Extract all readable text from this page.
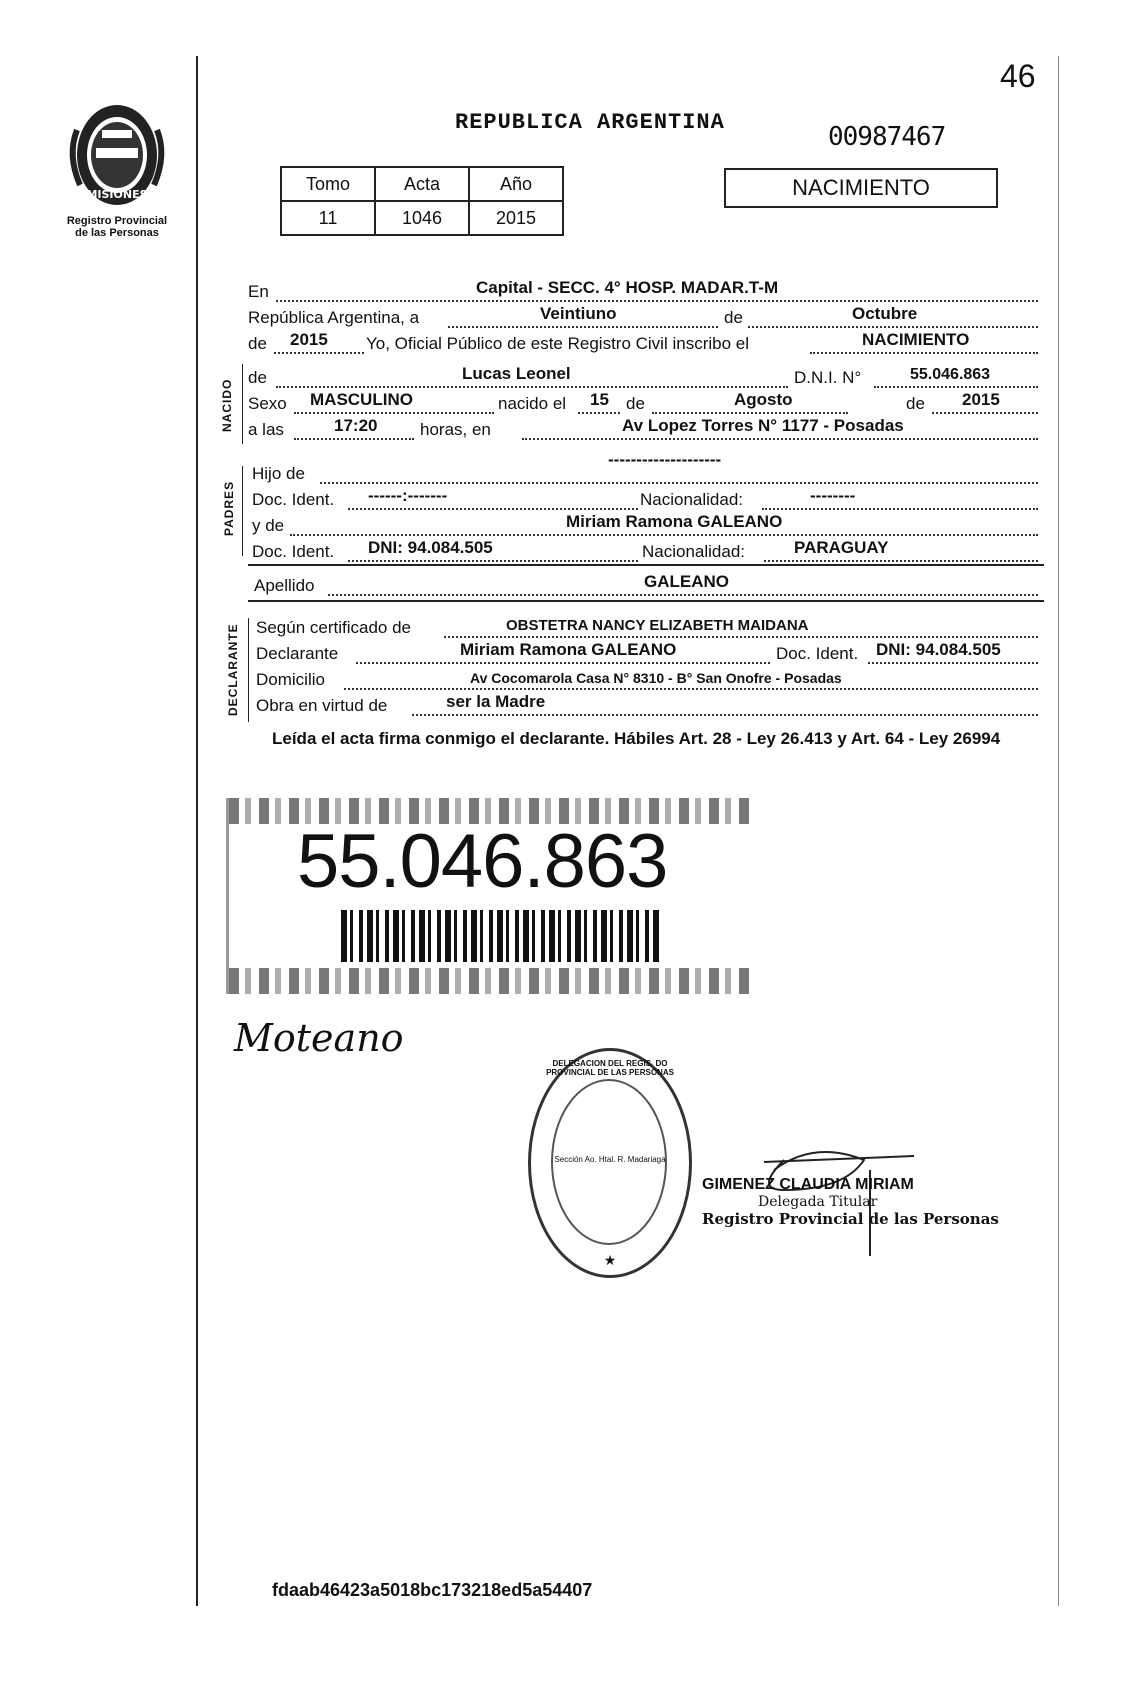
46
MISIONES
Registro Provincial
de las Personas
REPUBLICA ARGENTINA	00987467
Tomo	Acta	Año
11	1046	2015
NACIMIENTO
En	Capital - SECC. 4° HOSP. MADAR.T-M
República Argentina, a	Veintiuno	de	Octubre
de 2015 Yo, Oficial Público de este Registro Civil inscribo el	NACIMIENTO
NACIDO
de	Lucas Leonel	D.N.I. N°	55.046.863
Sexo MASCULINO	nacido el 15 de	Agosto	de 2015
a las	17:20	horas, en	Av Lopez Torres N° 1177 - Posadas
PADRES
Hijo de
--------------------
Doc. Ident. ------:-------	Nacionalidad:	--------
y de	Miriam Ramona GALEANO
Doc. Ident. DNI: 94.084.505	Nacionalidad:	PARAGUAY
Apellido	GALEANO
DECLARANTE Según certificado de	OBSTETRA NANCY ELIZABETH MAIDANA
Declarante	Miriam Ramona GALEANO	Doc. Ident. DNI: 94.084.505
Domicilio	Av Cocomarola Casa N° 8310 - B° San Onofre - Posadas
Obra en virtud de	ser la Madre
Leída el acta firma conmigo el declarante. Hábiles Art. 28 - Ley 26.413 y Art. 64 - Ley 26994
55.046.863
Moteano
DELEGACION DEL REGIS. DO PROVINCIAL DE LAS PERSONAS
Sección Ao. Htal. R. Madariaga
★
GIMENEZ CLAUDIA MIRIAM
Delegada Titular
Registro Provincial de las Personas
fdaab46423a5018bc173218ed5a54407
